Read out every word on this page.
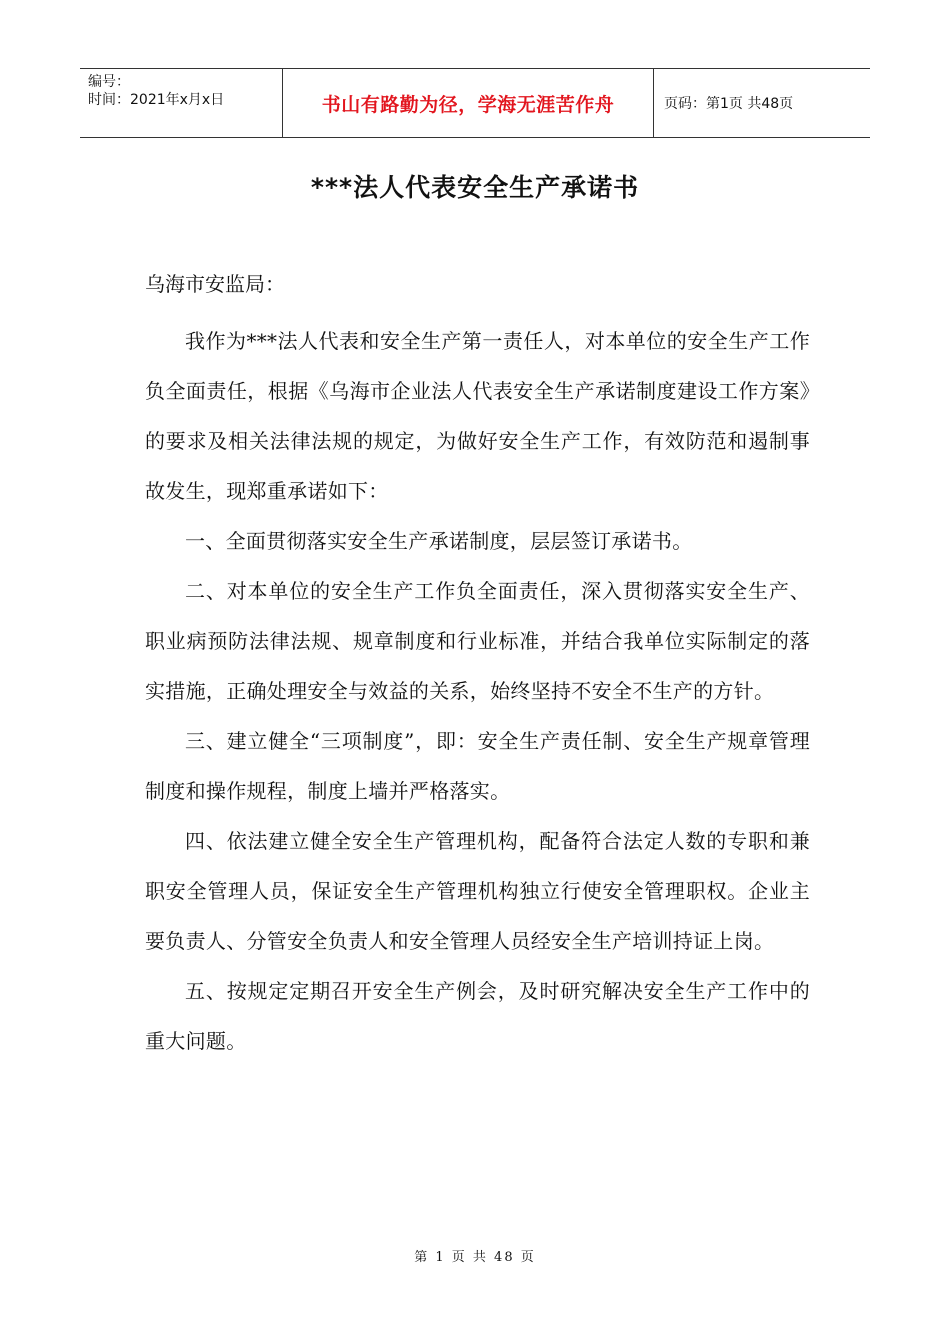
编号：
时间：2021年x月x日	书山有路勤为径，学海无涯苦作舟	页码：第1页 共48页
***法人代表安全生产承诺书
乌海市安监局：

我作为***法人代表和安全生产第一责任人，对本单位的安全生产工作负全面责任，根据《乌海市企业法人代表安全生产承诺制度建设工作方案》的要求及相关法律法规的规定，为做好安全生产工作，有效防范和遏制事故发生，现郑重承诺如下：

一、全面贯彻落实安全生产承诺制度，层层签订承诺书。

二、对本单位的安全生产工作负全面责任，深入贯彻落实安全生产、职业病预防法律法规、规章制度和行业标准，并结合我单位实际制定的落实措施，正确处理安全与效益的关系，始终坚持不安全不生产的方针。

三、建立健全“三项制度”，即：安全生产责任制、安全生产规章管理制度和操作规程，制度上墙并严格落实。

四、依法建立健全安全生产管理机构，配备符合法定人数的专职和兼职安全管理人员，保证安全生产管理机构独立行使安全管理职权。企业主要负责人、分管安全负责人和安全管理人员经安全生产培训持证上岗。

五、按规定定期召开安全生产例会，及时研究解决安全生产工作中的重大问题。

第 1 页 共 48 页
